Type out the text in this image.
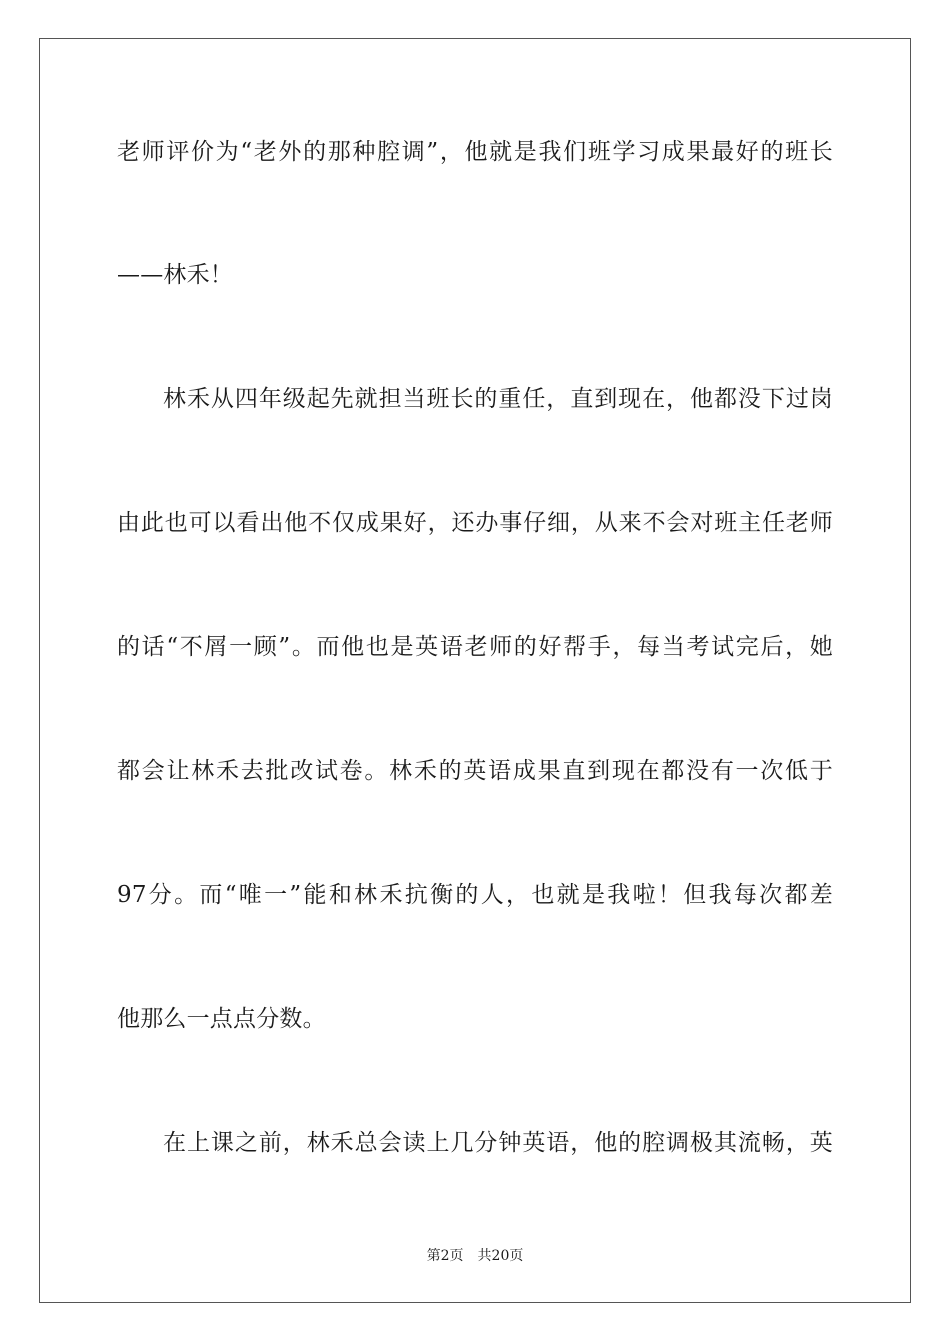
老师评价为“老外的那种腔调”，他就是我们班学习成果最好的班长
——林禾！
林禾从四年级起先就担当班长的重任，直到现在，他都没下过岗
由此也可以看出他不仅成果好，还办事仔细，从来不会对班主任老师
的话“不屑一顾”。而他也是英语老师的好帮手，每当考试完后，她
都会让林禾去批改试卷。林禾的英语成果直到现在都没有一次低于
97分。而“唯一”能和林禾抗衡的人，也就是我啦！但我每次都差
他那么一点点分数。
在上课之前，林禾总会读上几分钟英语，他的腔调极其流畅，英
第2页 共20页
